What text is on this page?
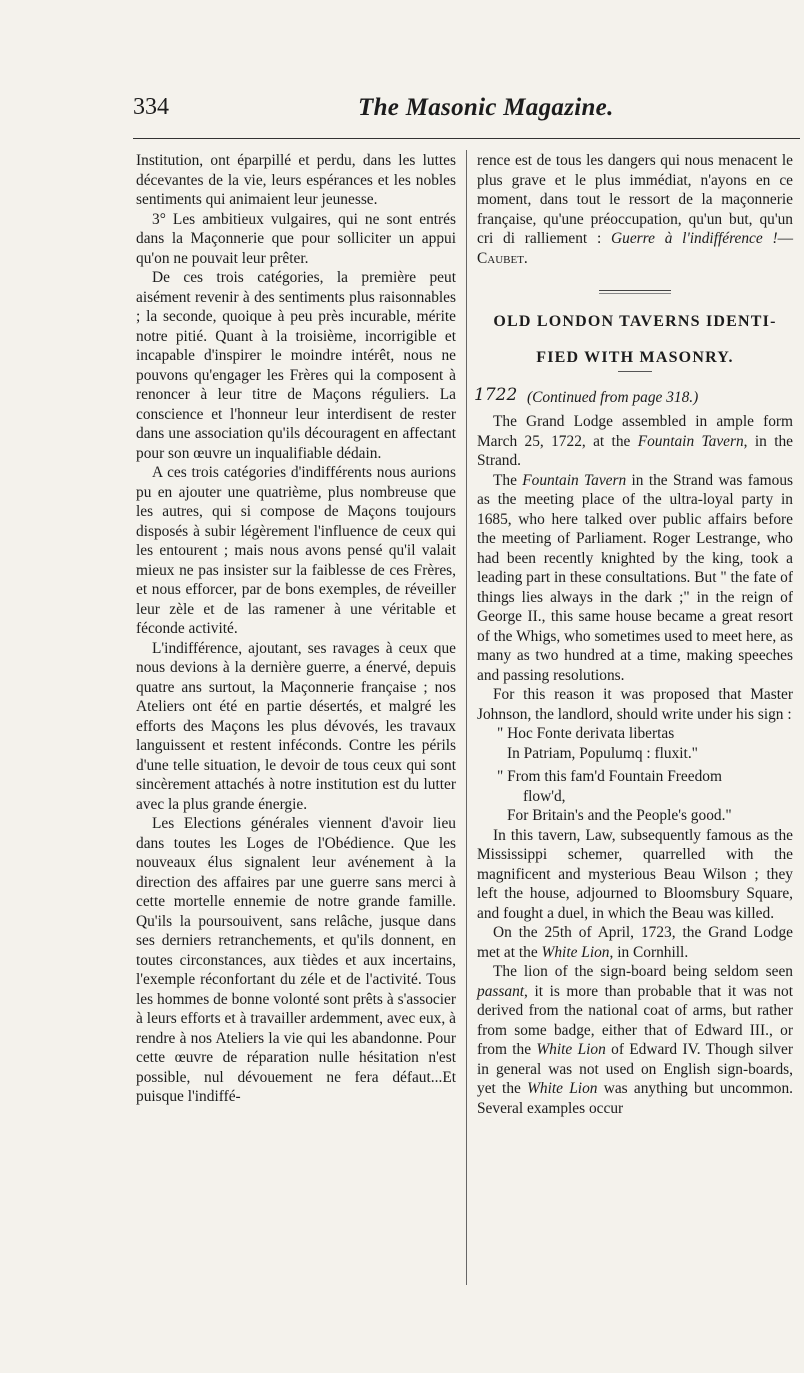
334	The Masonic Magazine.

Institution, ont éparpillé et perdu, dans les luttes décevantes de la vie, leurs espérances et les nobles sentiments qui animaient leur jeunesse.

3° Les ambitieux vulgaires, qui ne sont entrés dans la Maçonnerie que pour solliciter un appui qu'on ne pouvait leur prêter.

De ces trois catégories, la première peut aisément revenir à des sentiments plus raisonnables ; la seconde, quoique à peu près incurable, mérite notre pitié. Quant à la troisième, incorrigible et incapable d'inspirer le moindre intérêt, nous ne pouvons qu'engager les Frères qui la composent à renoncer à leur titre de Maçons réguliers. La conscience et l'honneur leur interdisent de rester dans une association qu'ils découragent en affectant pour son œuvre un inqualifiable dédain.

A ces trois catégories d'indifférents nous aurions pu en ajouter une quatrième, plus nombreuse que les autres, qui si compose de Maçons toujours disposés à subir légèrement l'influence de ceux qui les entourent ; mais nous avons pensé qu'il valait mieux ne pas insister sur la faiblesse de ces Frères, et nous efforcer, par de bons exemples, de réveiller leur zèle et de las ramener à une véritable et féconde activité.

L'indifférence, ajoutant, ses ravages à ceux que nous devions à la dernière guerre, a énervé, depuis quatre ans surtout, la Maçonnerie française ; nos Ateliers ont été en partie désertés, et malgré les efforts des Maçons les plus dévovés, les travaux languissent et restent inféconds. Contre les périls d'une telle situation, le devoir de tous ceux qui sont sincèrement attachés à notre institution est du lutter avec la plus grande énergie.

Les Elections générales viennent d'avoir lieu dans toutes les Loges de l'Obédience. Que les nouveaux élus signalent leur avénement à la direction des affaires par une guerre sans merci à cette mortelle ennemie de notre grande famille. Qu'ils la poursouivent, sans relâche, jusque dans ses derniers retranchements, et qu'ils donnent, en toutes circonstances, aux tièdes et aux incertains, l'exemple réconfortant du zéle et de l'activité. Tous les hommes de bonne volonté sont prêts à s'associer à leurs efforts et à travailler ardemment, avec eux, à rendre à nos Ateliers la vie qui les abandonne. Pour cette œuvre de réparation nulle hésitation n'est possible, nul dévouement ne fera défaut...Et puisque l'indiffé-

rence est de tous les dangers qui nous menacent le plus grave et le plus immédiat, n'ayons en ce moment, dans tout le ressort de la maçonnerie française, qu'une préoccupation, qu'un but, qu'un cri di ralliement : Guerre à l'indifférence !— Caubet.

OLD LONDON TAVERNS IDENTI-
FIED WITH MASONRY.
1722 (Continued from page 318.)

The Grand Lodge assembled in ample form March 25, 1722, at the Fountain Tavern, in the Strand.

The Fountain Tavern in the Strand was famous as the meeting place of the ultra-loyal party in 1685, who here talked over public affairs before the meeting of Parliament. Roger Lestrange, who had been recently knighted by the king, took a leading part in these consultations. But " the fate of things lies always in the dark ;" in the reign of George II., this same house became a great resort of the Whigs, who sometimes used to meet here, as many as two hundred at a time, making speeches and passing resolutions.

For this reason it was proposed that Master Johnson, the landlord, should write under his sign :

" Hoc Fonte derivata libertas
In Patriam, Populumq : fluxit."

" From this fam'd Fountain Freedom
flow'd,
For Britain's and the People's good."

In this tavern, Law, subsequently famous as the Mississippi schemer, quarrelled with the magnificent and mysterious Beau Wilson ; they left the house, adjourned to Bloomsbury Square, and fought a duel, in which the Beau was killed.

On the 25th of April, 1723, the Grand Lodge met at the White Lion, in Cornhill.

The lion of the sign-board being seldom seen passant, it is more than probable that it was not derived from the national coat of arms, but rather from some badge, either that of Edward III., or from the White Lion of Edward IV. Though silver in general was not used on English sign-boards, yet the White Lion was anything but uncommon. Several examples occur
